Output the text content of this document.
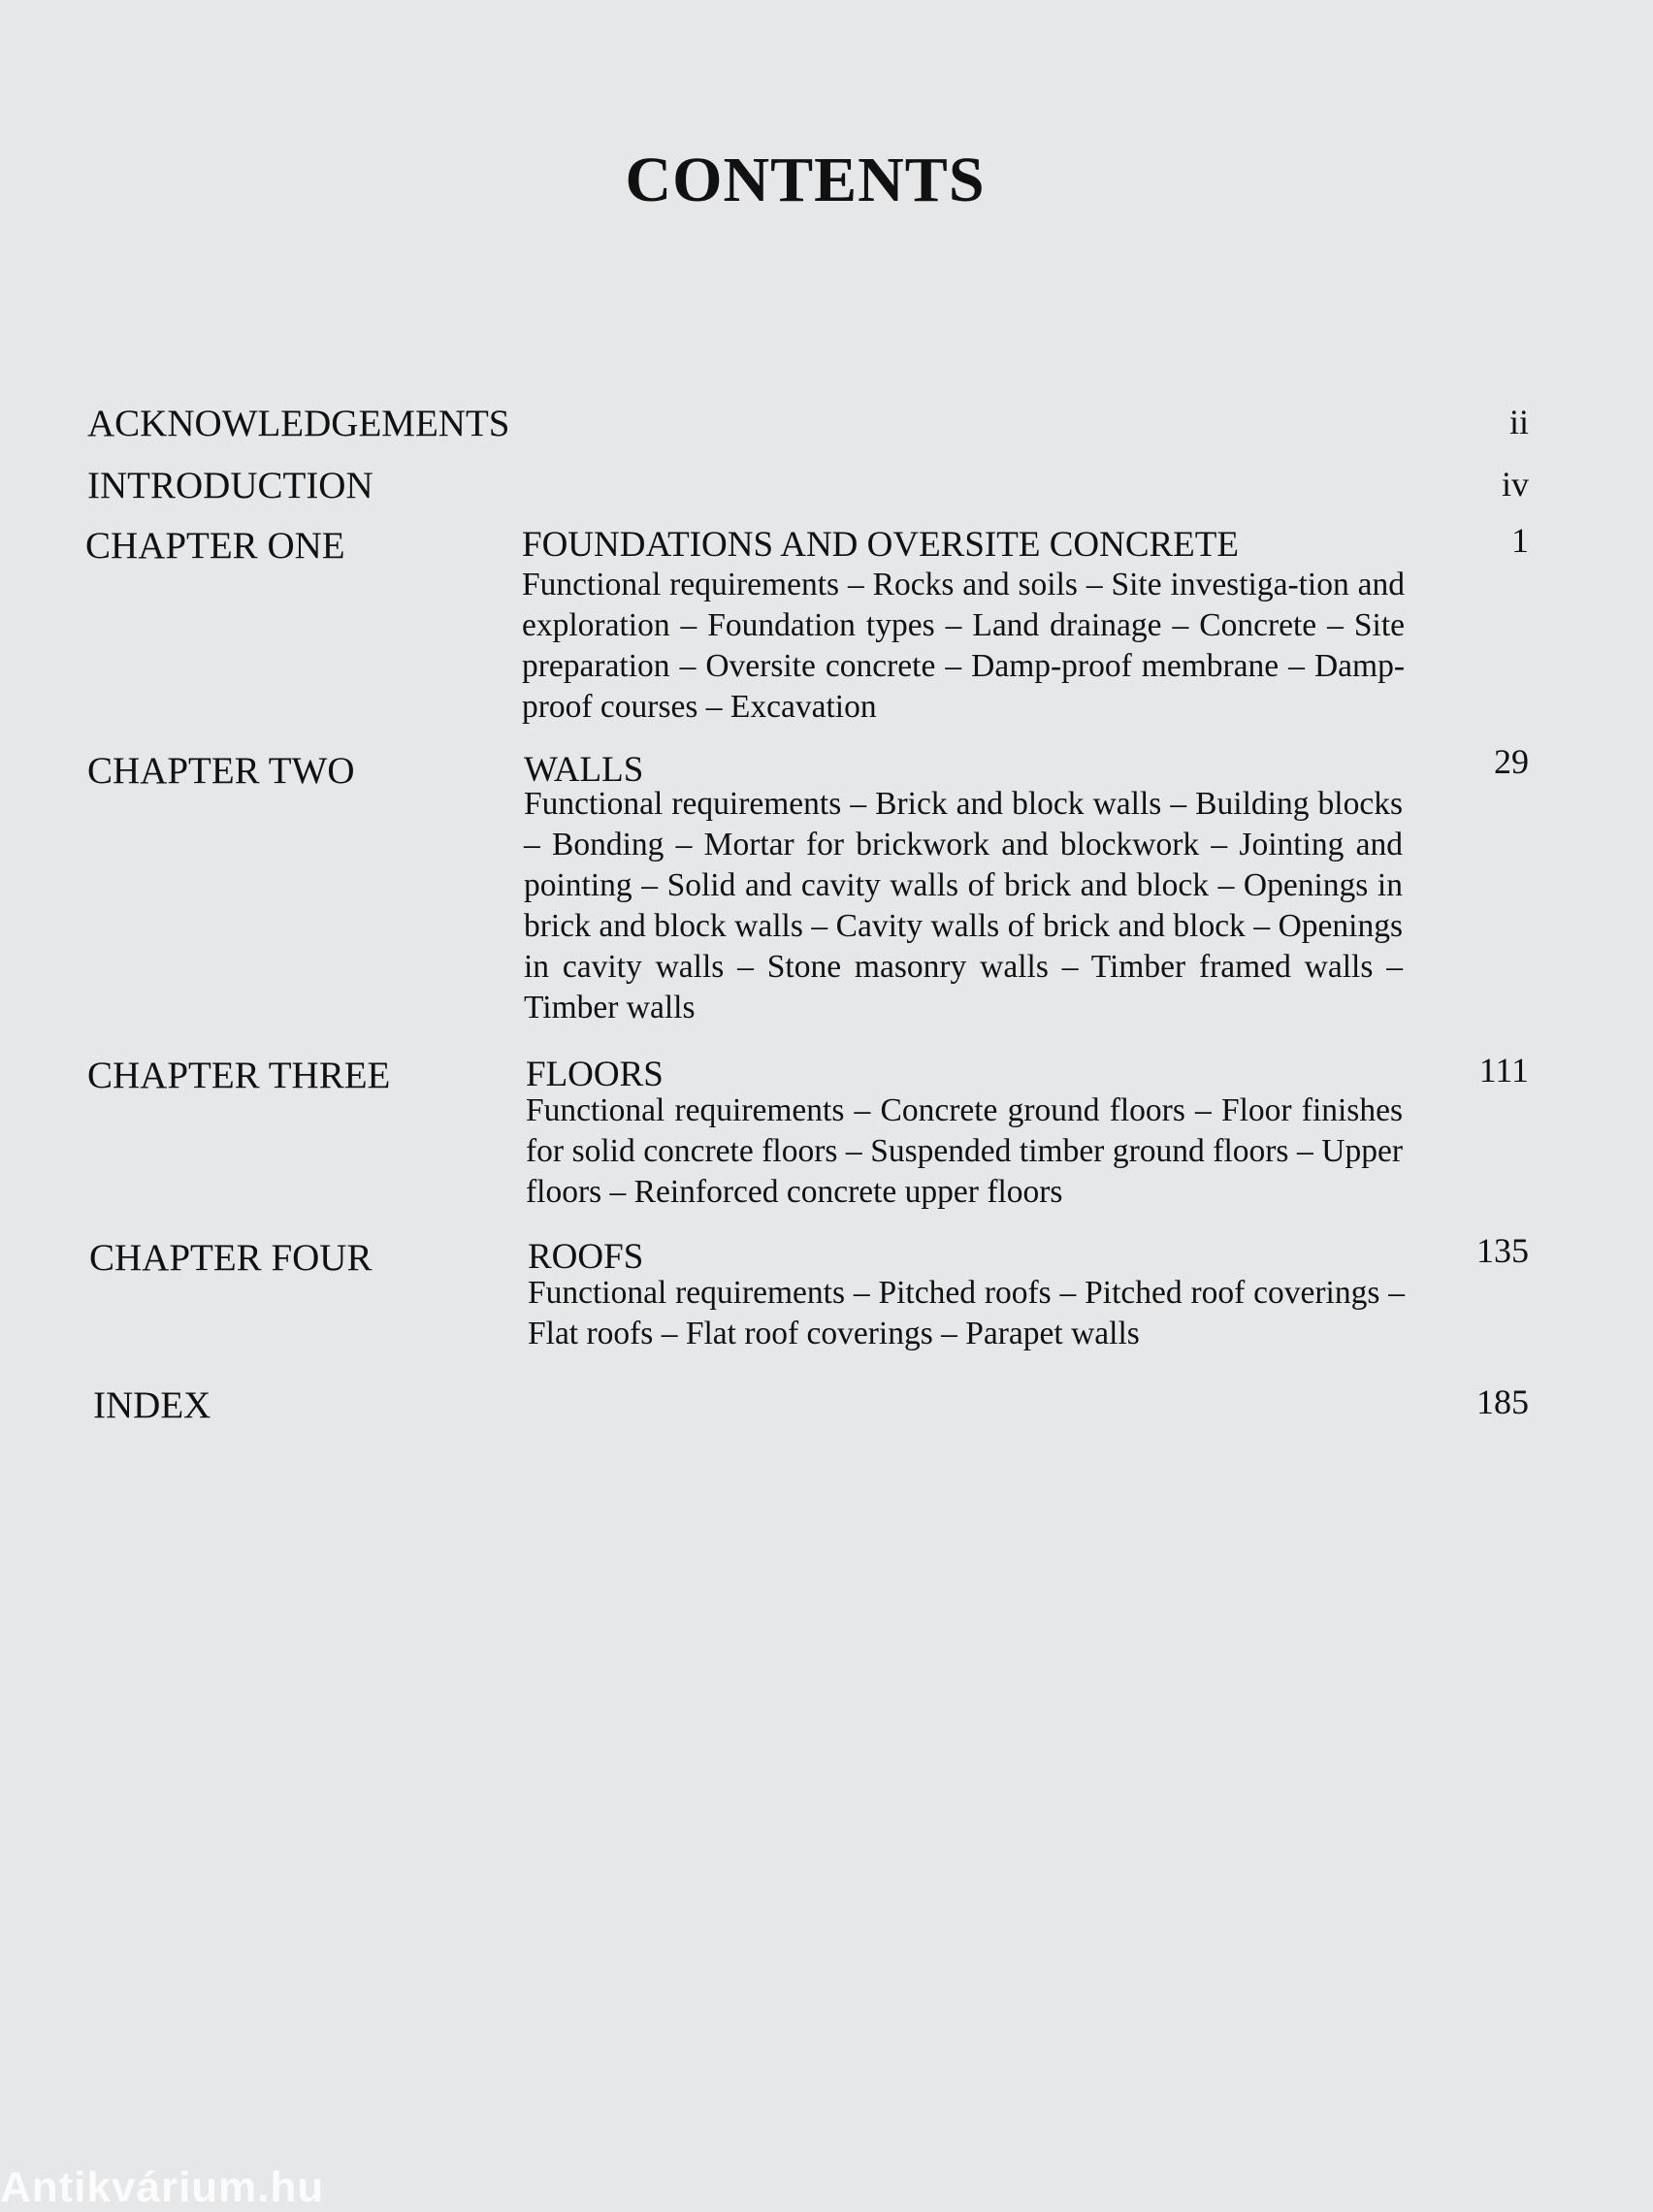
CONTENTS
ACKNOWLEDGEMENTS	ii
INTRODUCTION	iv
CHAPTER ONE	FOUNDATIONS AND OVERSITE CONCRETE	1
Functional requirements – Rocks and soils – Site investiga-tion and exploration – Foundation types – Land drainage – Concrete – Site preparation – Oversite concrete – Damp-proof membrane – Damp-proof courses – Excavation
CHAPTER TWO	WALLS	29
Functional requirements – Brick and block walls – Building blocks – Bonding – Mortar for brickwork and blockwork – Jointing and pointing – Solid and cavity walls of brick and block – Openings in brick and block walls – Cavity walls of brick and block – Openings in cavity walls – Stone masonry walls – Timber framed walls – Timber walls
CHAPTER THREE	FLOORS	111
Functional requirements – Concrete ground floors – Floor finishes for solid concrete floors – Suspended timber ground floors – Upper floors – Reinforced concrete upper floors
CHAPTER FOUR	ROOFS	135
Functional requirements – Pitched roofs – Pitched roof coverings – Flat roofs – Flat roof coverings – Parapet walls
INDEX	185
Antikvárium.hu
